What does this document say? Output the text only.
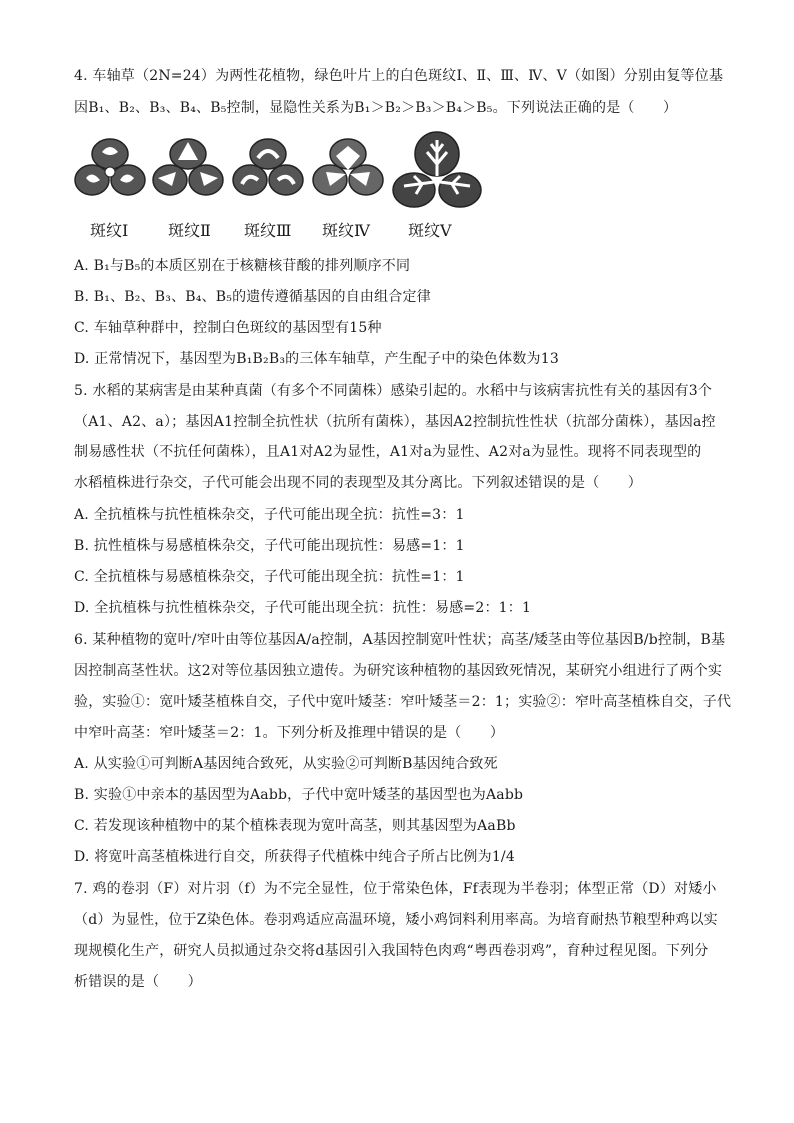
4. 车轴草（2N=24）为两性花植物，绿色叶片上的白色斑纹Ⅰ、Ⅱ、Ⅲ、Ⅳ、Ⅴ（如图）分别由复等位基
因B₁、B₂、B₃、B₄、B₅控制，显隐性关系为B₁＞B₂＞B₃＞B₄＞B₅。下列说法正确的是（　　）
斑纹Ⅰ 斑纹Ⅱ 斑纹Ⅲ 斑纹Ⅳ 斑纹Ⅴ
A. B₁与B₅的本质区别在于核糖核苷酸的排列顺序不同
B. B₁、B₂、B₃、B₄、B₅的遗传遵循基因的自由组合定律
C. 车轴草种群中，控制白色斑纹的基因型有15种
D. 正常情况下，基因型为B₁B₂B₃的三体车轴草，产生配子中的染色体数为13
5. 水稻的某病害是由某种真菌（有多个不同菌株）感染引起的。水稻中与该病害抗性有关的基因有3个
（A1、A2、a）；基因A1控制全抗性状（抗所有菌株），基因A2控制抗性性状（抗部分菌株），基因a控
制易感性状（不抗任何菌株），且A1对A2为显性，A1对a为显性、A2对a为显性。现将不同表现型的
水稻植株进行杂交，子代可能会出现不同的表现型及其分离比。下列叙述错误的是（　　）
A. 全抗植株与抗性植株杂交，子代可能出现全抗：抗性=3：1
B. 抗性植株与易感植株杂交，子代可能出现抗性：易感=1：1
C. 全抗植株与易感植株杂交，子代可能出现全抗：抗性=1：1
D. 全抗植株与抗性植株杂交，子代可能出现全抗：抗性：易感=2：1：1
6. 某种植物的宽叶/窄叶由等位基因A/a控制，A基因控制宽叶性状；高茎/矮茎由等位基因B/b控制，B基
因控制高茎性状。这2对等位基因独立遗传。为研究该种植物的基因致死情况，某研究小组进行了两个实
验，实验①：宽叶矮茎植株自交，子代中宽叶矮茎：窄叶矮茎＝2：1；实验②：窄叶高茎植株自交，子代
中窄叶高茎：窄叶矮茎＝2：1。下列分析及推理中错误的是（　　）
A. 从实验①可判断A基因纯合致死，从实验②可判断B基因纯合致死
B. 实验①中亲本的基因型为Aabb，子代中宽叶矮茎的基因型也为Aabb
C. 若发现该种植物中的某个植株表现为宽叶高茎，则其基因型为AaBb
D. 将宽叶高茎植株进行自交，所获得子代植株中纯合子所占比例为1/4
7. 鸡的卷羽（F）对片羽（f）为不完全显性，位于常染色体，Ff表现为半卷羽；体型正常（D）对矮小
（d）为显性，位于Z染色体。卷羽鸡适应高温环境，矮小鸡饲料利用率高。为培育耐热节粮型种鸡以实
现规模化生产，研究人员拟通过杂交将d基因引入我国特色肉鸡“粤西卷羽鸡”，育种过程见图。下列分
析错误的是（　　）
